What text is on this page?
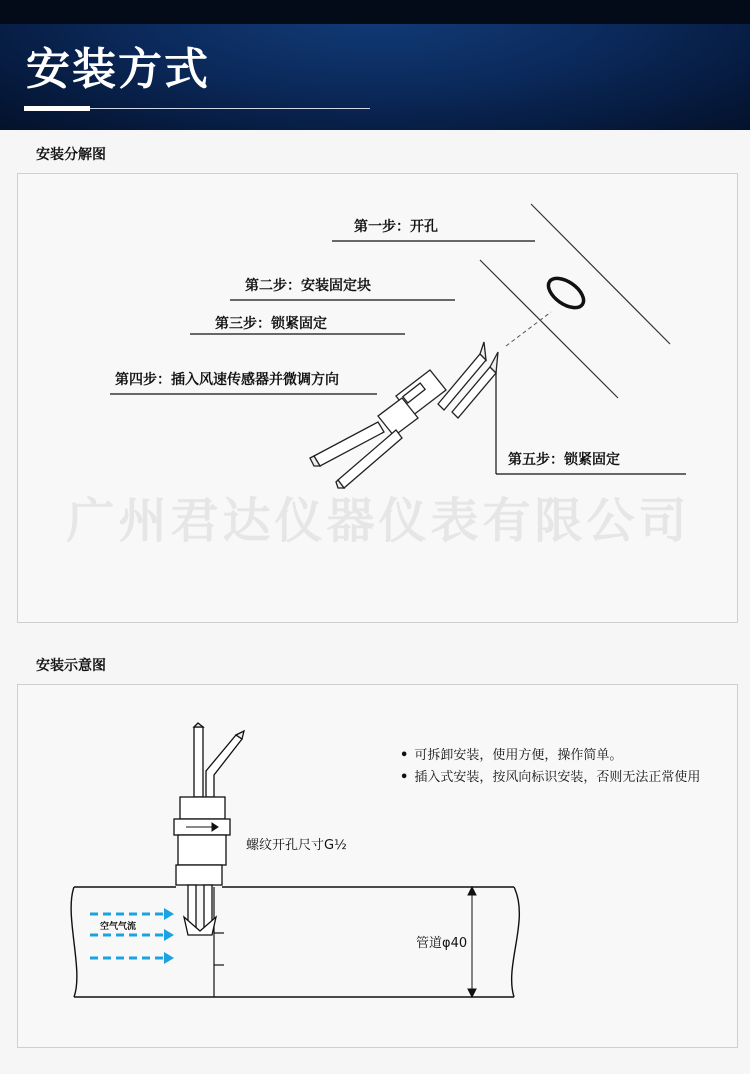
安装方式
安装分解图
广州君达仪器仪表有限公司
第一步：开孔
第二步：安装固定块
第三步：锁紧固定
第四步：插入风速传感器并微调方向
第五步：锁紧固定
安装示意图
• 可拆卸安装，使用方便，操作简单。
• 插入式安装，按风向标识安装，否则无法正常使用
管道φ40
螺纹开孔尺寸G½
空气气流
